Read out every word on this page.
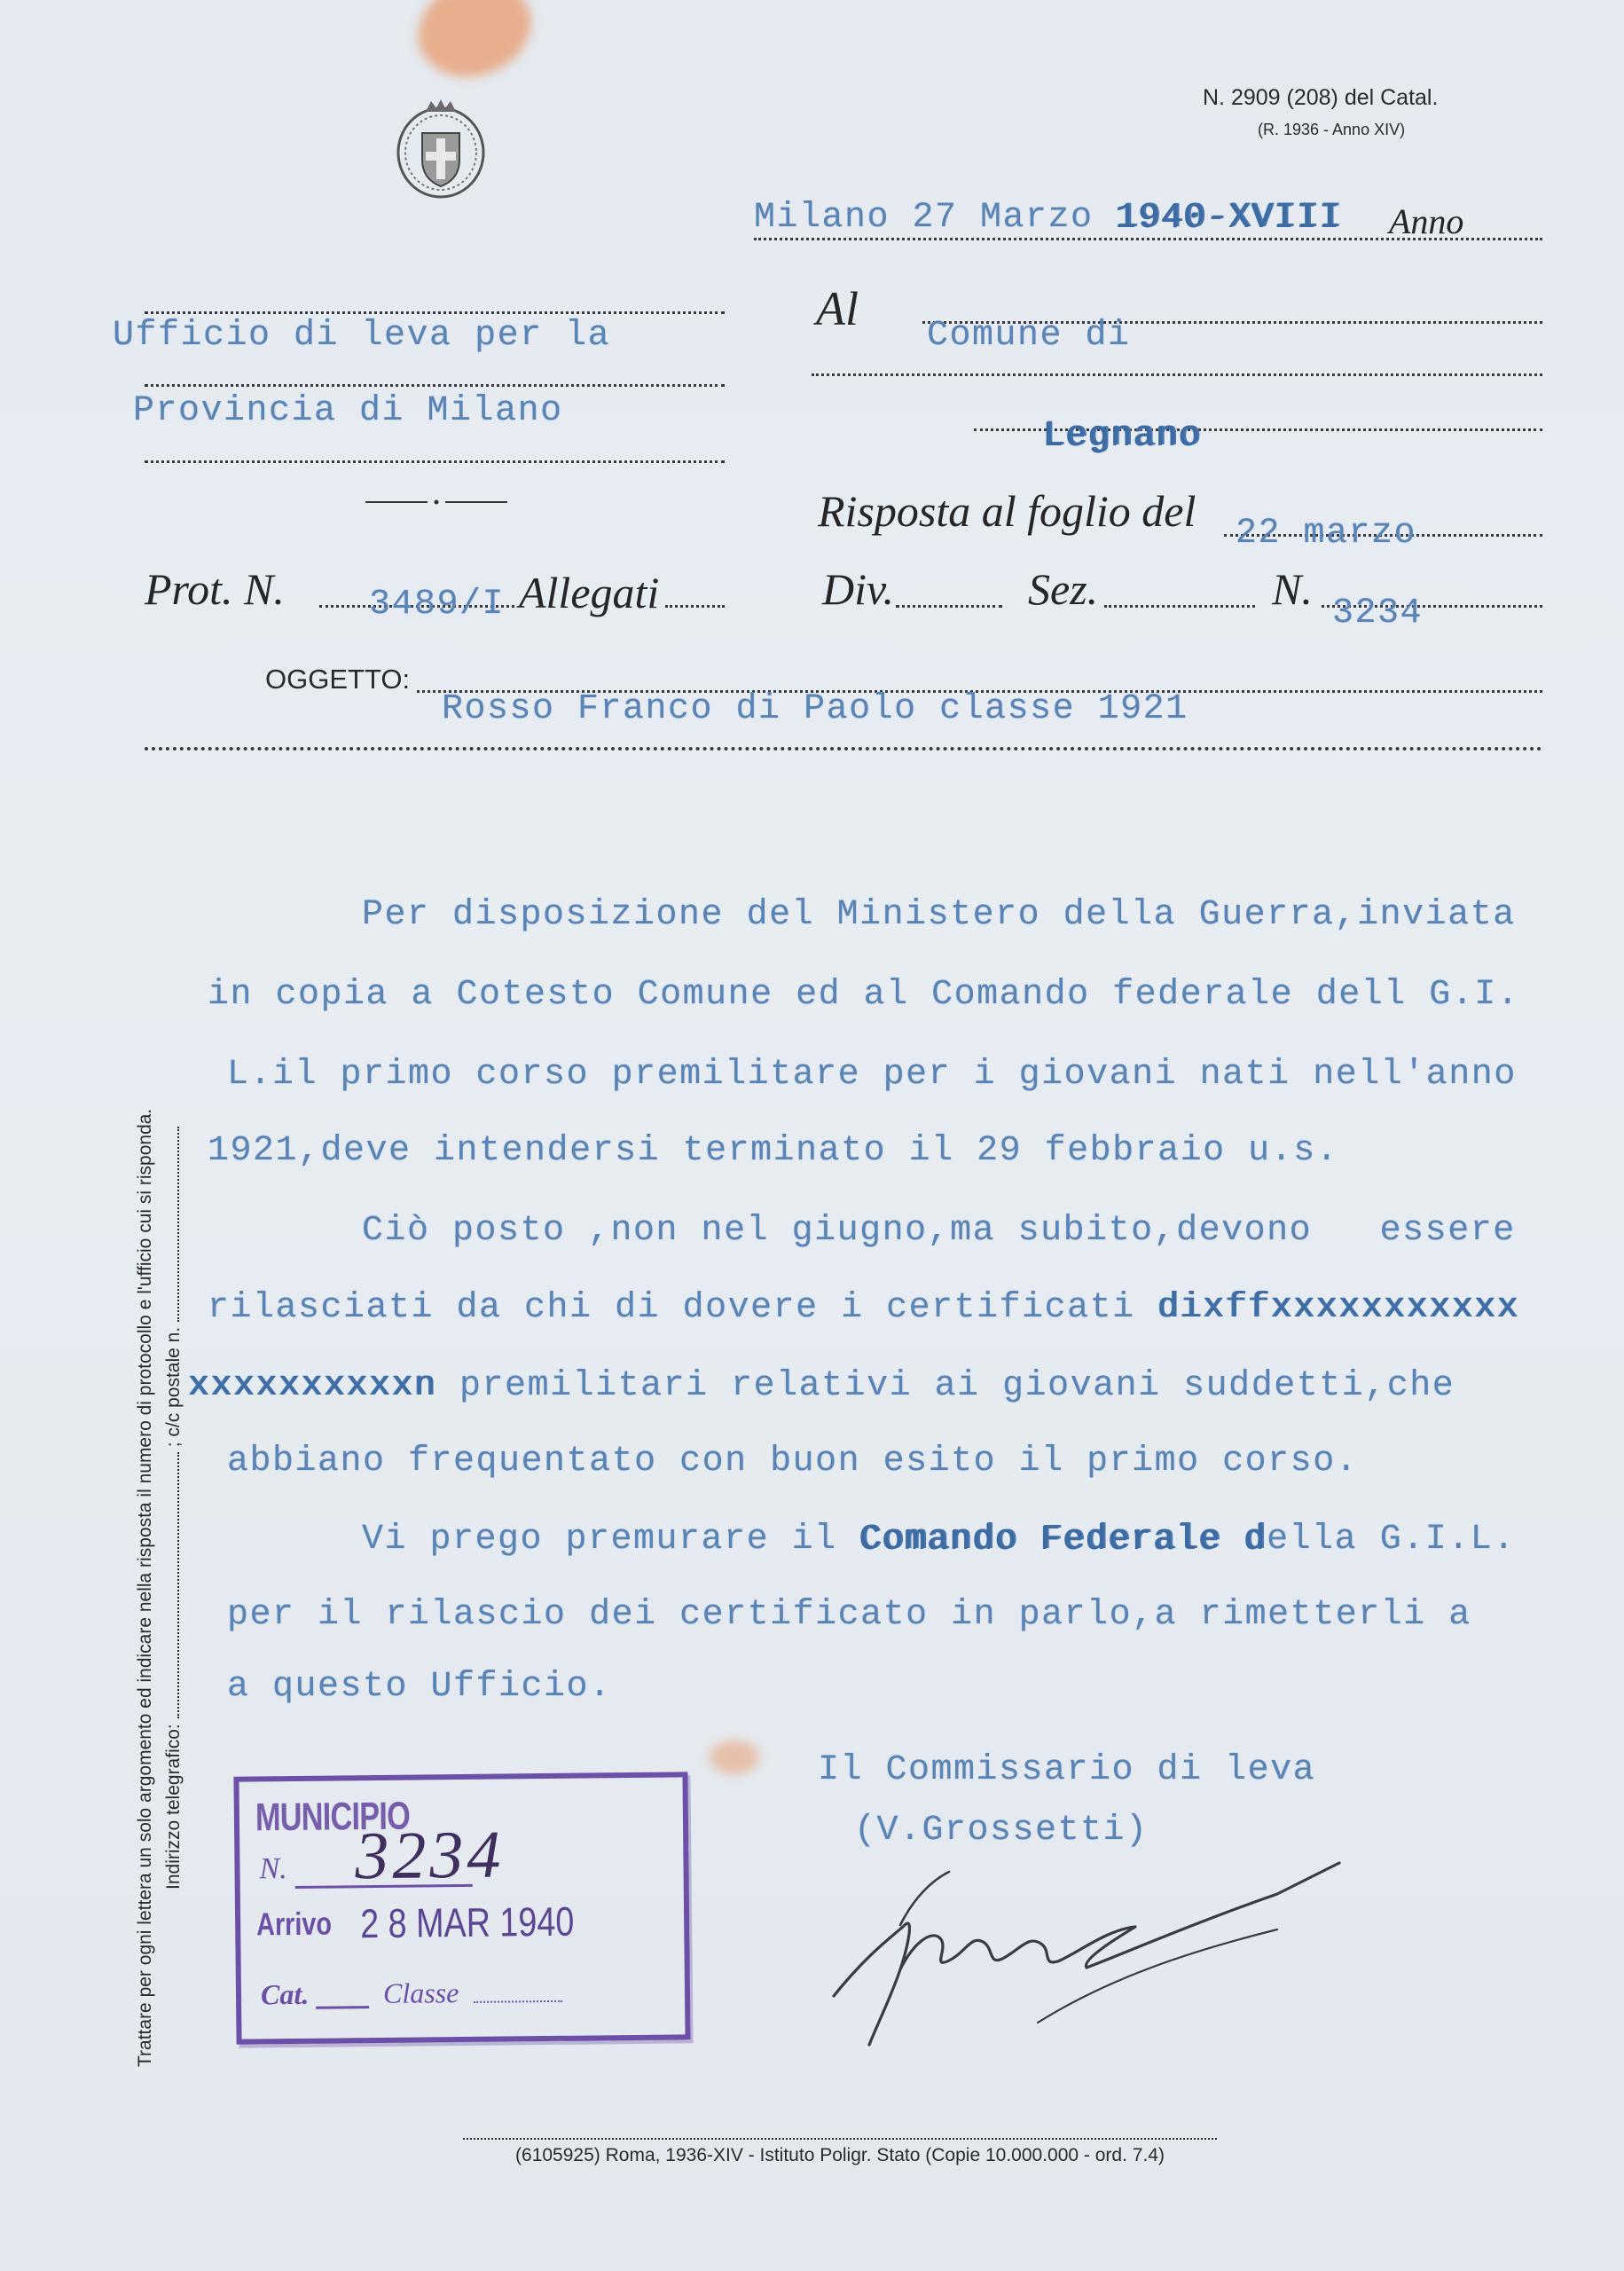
N. 2909 (208) del Catal.
(R. 1936 - Anno XIV)
Milano 27 Marzo 1940-XVIII Anno
Ufficio di leva per la
Provincia di Milano
Al
Comune di
Legnano
Risposta al foglio del 22 marzo
Div.	Sez.	N. 3234
Prot. N. 3489/I Allegati
OGGETTO:
Rosso Franco di Paolo classe 1921
Per disposizione del Ministero della Guerra,inviata
in copia a Cotesto Comune ed al Comando federale dell G.I.
L.il primo corso premilitare per i giovani nati nell'anno
1921,deve intendersi terminato il 29 febbraio u.s.
Ciò posto ,non nel giugno,ma subito,devono   essere
rilasciati da chi di dovere i certificati dixffxxxxxxxxxxx
xxxxxxxxxxn premilitari relativi ai giovani suddetti,che
abbiano frequentato con buon esito il primo corso.
Vi prego premurare il Comando Federale della G.I.L.
per il rilascio dei certificato in parlo,a rimetterli a
a questo Ufficio.
Il Commissario di leva
(V.Grossetti)
MUNICIPIO
N. 3234
Arrivo 2 8 MAR 1940
Cat.	Classe
Trattare per ogni lettera un solo argomento ed indicare nella risposta il numero di protocollo e l'ufficio cui si risponda. Indirizzo telegrafico:; c/c postale n.
(6105925) Roma, 1936-XIV - Istituto Poligr. Stato (Copie 10.000.000 - ord. 7.4)
